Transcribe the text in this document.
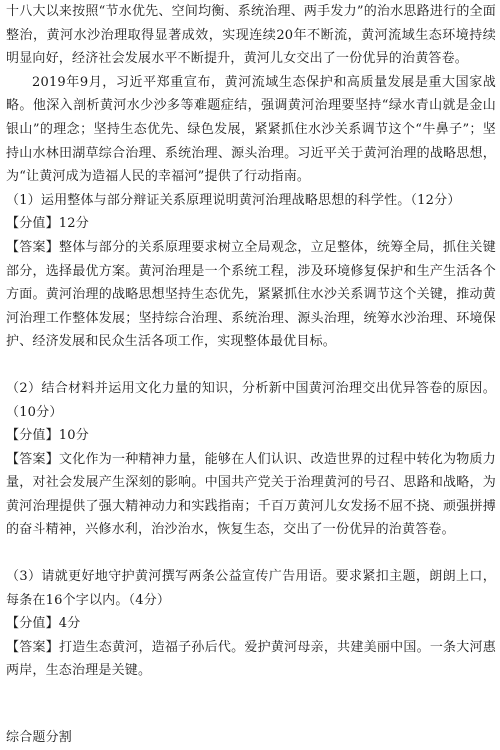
十八大以来按照“节水优先、空间均衡、系统治理、两手发力”的治水思路进行的全面整治，黄河水沙治理取得显著成效，实现连续20年不断流，黄河流域生态环境持续明显向好，经济社会发展水平不断提升，黄河儿女交出了一份优异的治黄答卷。

2019年9月，习近平郑重宣布，黄河流域生态保护和高质量发展是重大国家战略。他深入剖析黄河水少沙多等难题症结，强调黄河治理要坚持“绿水青山就是金山银山”的理念；坚持生态优先、绿色发展，紧紧抓住水沙关系调节这个“牛鼻子”；坚持山水林田湖草综合治理、系统治理、源头治理。习近平关于黄河治理的战略思想，为“让黄河成为造福人民的幸福河”提供了行动指南。

（1）运用整体与部分辩证关系原理说明黄河治理战略思想的科学性。（12分）

【分值】12分

【答案】整体与部分的关系原理要求树立全局观念，立足整体，统筹全局，抓住关键部分，选择最优方案。黄河治理是一个系统工程，涉及环境修复保护和生产生活各个方面。黄河治理的战略思想坚持生态优先，紧紧抓住水沙关系调节这个关键，推动黄河治理工作整体发展；坚持综合治理、系统治理、源头治理，统筹水沙治理、环境保护、经济发展和民众生活各项工作，实现整体最优目标。

（2）结合材料并运用文化力量的知识，分析新中国黄河治理交出优异答卷的原因。（10分）

【分值】10分

【答案】文化作为一种精神力量，能够在人们认识、改造世界的过程中转化为物质力量，对社会发展产生深刻的影响。中国共产党关于治理黄河的号召、思路和战略，为黄河治理提供了强大精神动力和实践指南；千百万黄河儿女发扬不屈不挠、顽强拼搏的奋斗精神，兴修水利，治沙治水，恢复生态，交出了一份优异的治黄答卷。

（3）请就更好地守护黄河撰写两条公益宣传广告用语。要求紧扣主题，朗朗上口，每条在16个字以内。（4分）

【分值】4分

【答案】打造生态黄河，造福子孙后代。爱护黄河母亲，共建美丽中国。一条大河惠两岸，生态治理是关键。

综合题分割
